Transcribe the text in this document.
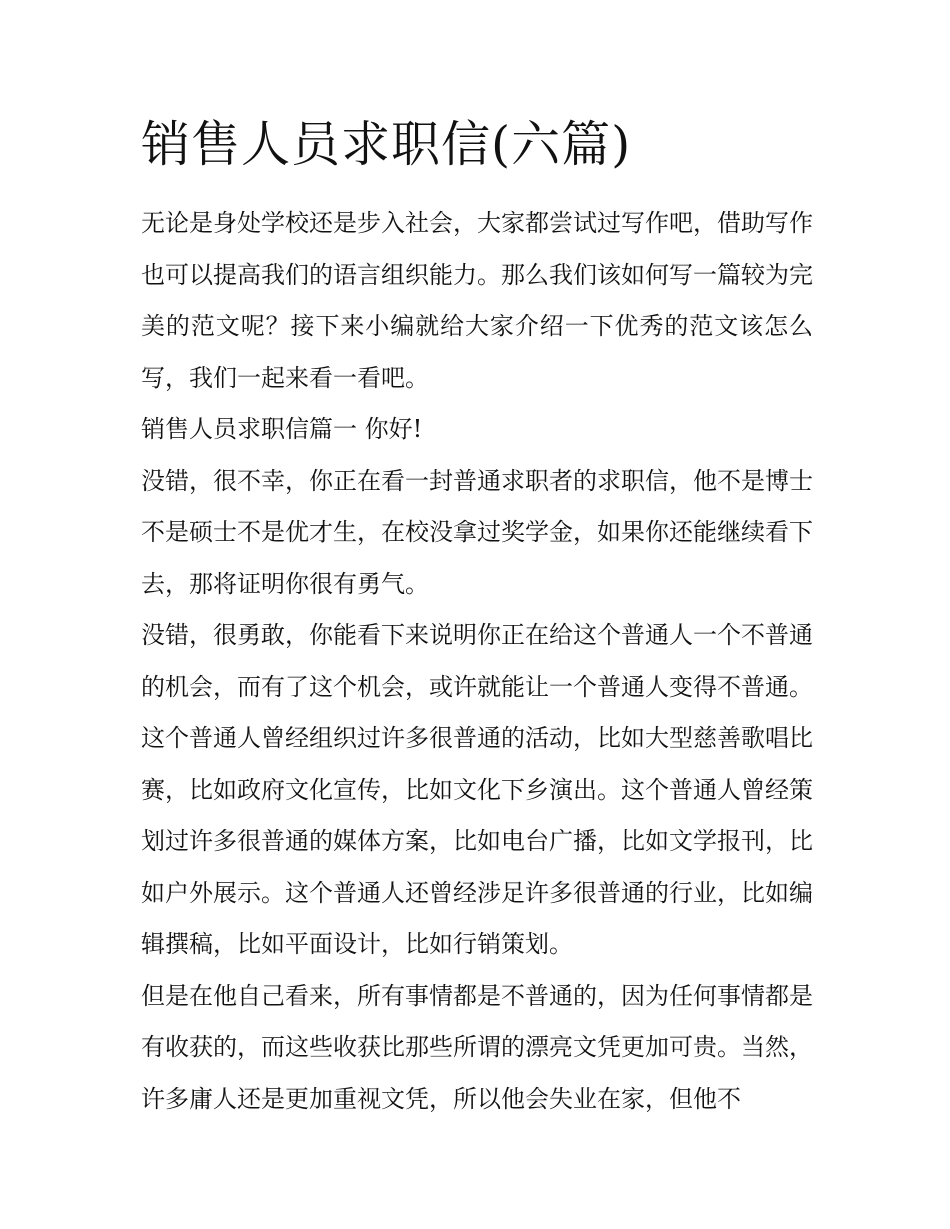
销售人员求职信(六篇)

无论是身处学校还是步入社会，大家都尝试过写作吧，借助写作也可以提高我们的语言组织能力。那么我们该如何写一篇较为完美的范文呢？接下来小编就给大家介绍一下优秀的范文该怎么写，我们一起来看一看吧。

销售人员求职信篇一 你好!

没错，很不幸，你正在看一封普通求职者的求职信，他不是博士不是硕士不是优才生，在校没拿过奖学金，如果你还能继续看下去，那将证明你很有勇气。

没错，很勇敢，你能看下来说明你正在给这个普通人一个不普通的机会，而有了这个机会，或许就能让一个普通人变得不普通。这个普通人曾经组织过许多很普通的活动，比如大型慈善歌唱比赛，比如政府文化宣传，比如文化下乡演出。这个普通人曾经策划过许多很普通的媒体方案，比如电台广播，比如文学报刊，比如户外展示。这个普通人还曾经涉足许多很普通的行业，比如编辑撰稿，比如平面设计，比如行销策划。

但是在他自己看来，所有事情都是不普通的，因为任何事情都是有收获的，而这些收获比那些所谓的漂亮文凭更加可贵。当然，许多庸人还是更加重视文凭，所以他会失业在家，但他不
